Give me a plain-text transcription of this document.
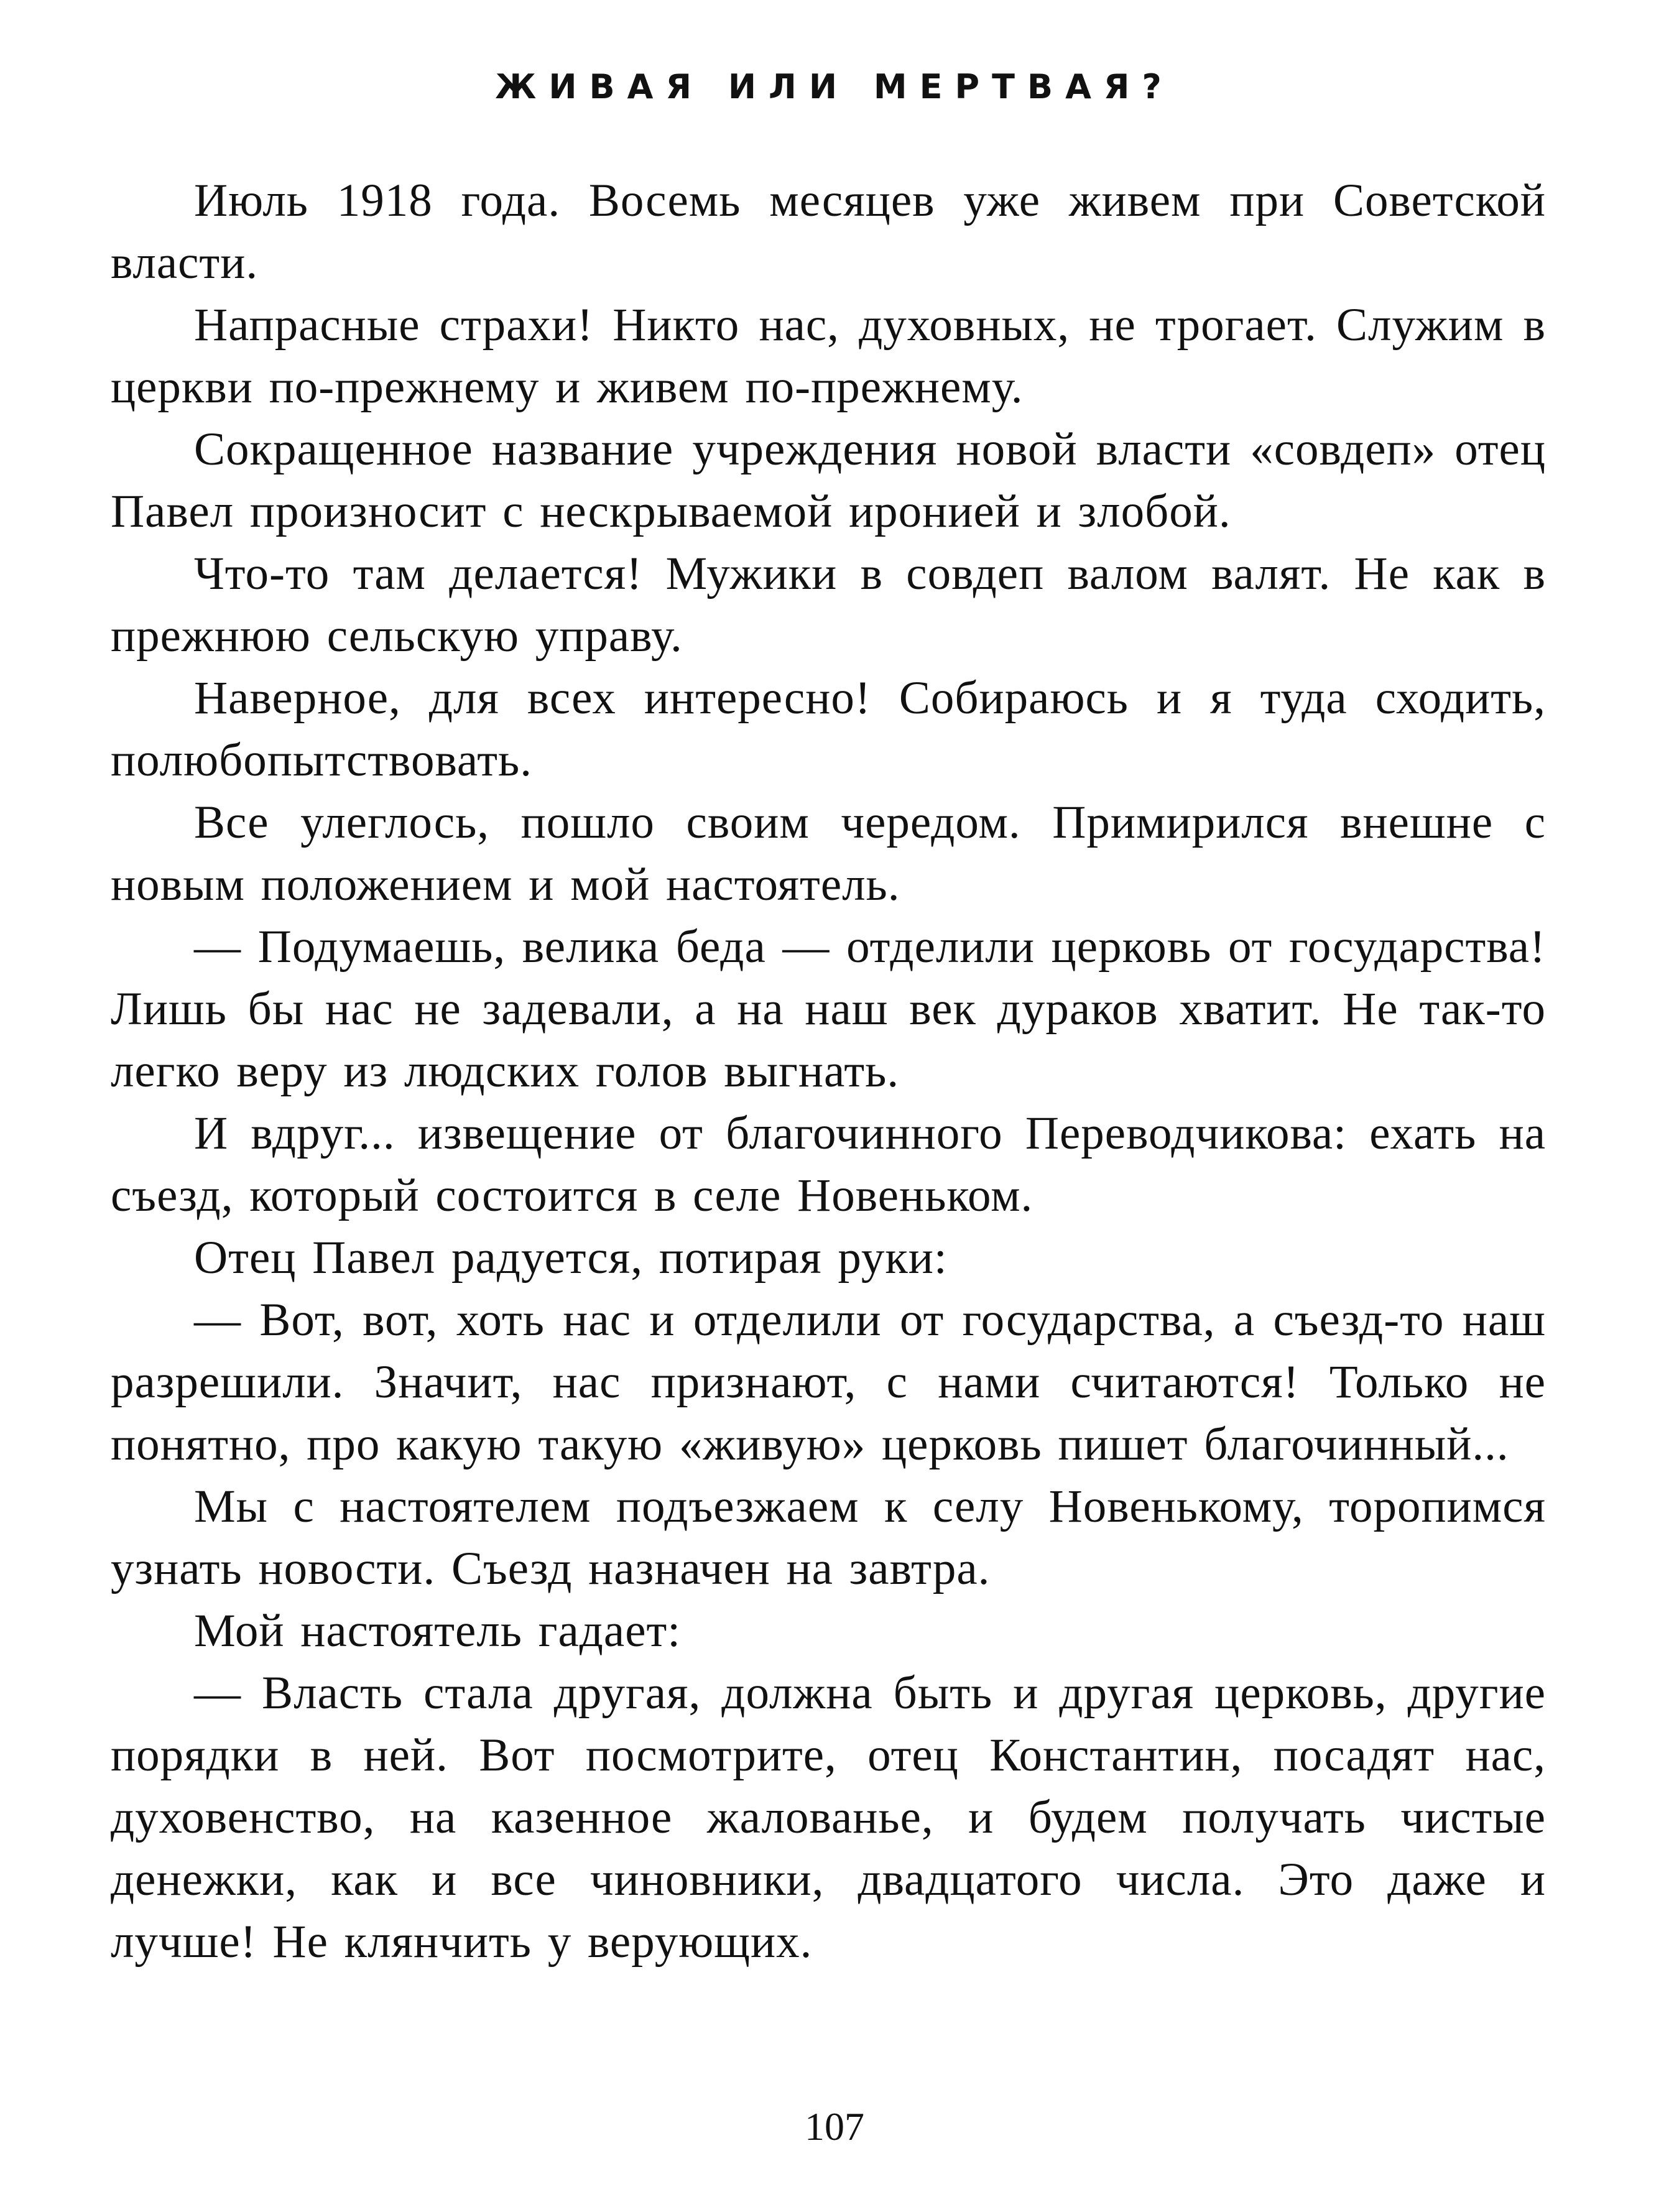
ЖИВАЯ ИЛИ МЕРТВАЯ?

Июль 1918 года. Восемь месяцев уже живем при Советской власти.

Напрасные страхи! Никто нас, духовных, не трогает. Служим в церкви по-прежнему и живем по-прежнему.

Сокращенное название учреждения новой власти «совдеп» отец Павел произносит с нескрываемой иронией и злобой.

Что-то там делается! Мужики в совдеп валом валят. Не как в прежнюю сельскую управу.

Наверное, для всех интересно! Собираюсь и я туда сходить, полюбопытствовать.

Все улеглось, пошло своим чередом. Примирился внешне с новым положением и мой настоятель.

— Подумаешь, велика беда — отделили церковь от государства! Лишь бы нас не задевали, а на наш век дураков хватит. Не так-то легко веру из людских голов выгнать.

И вдруг... извещение от благочинного Переводчикова: ехать на съезд, который состоится в селе Новеньком.

Отец Павел радуется, потирая руки:

— Вот, вот, хоть нас и отделили от государства, а съезд-то наш разрешили. Значит, нас признают, с нами считаются! Только не понятно, про какую такую «живую» церковь пишет благочинный...

Мы с настоятелем подъезжаем к селу Новенькому, торопимся узнать новости. Съезд назначен на завтра.

Мой настоятель гадает:

— Власть стала другая, должна быть и другая церковь, другие порядки в ней. Вот посмотрите, отец Константин, посадят нас, духовенство, на казенное жалованье, и будем получать чистые денежки, как и все чиновники, двадцатого числа. Это даже и лучше! Не клянчить у верующих.

107
